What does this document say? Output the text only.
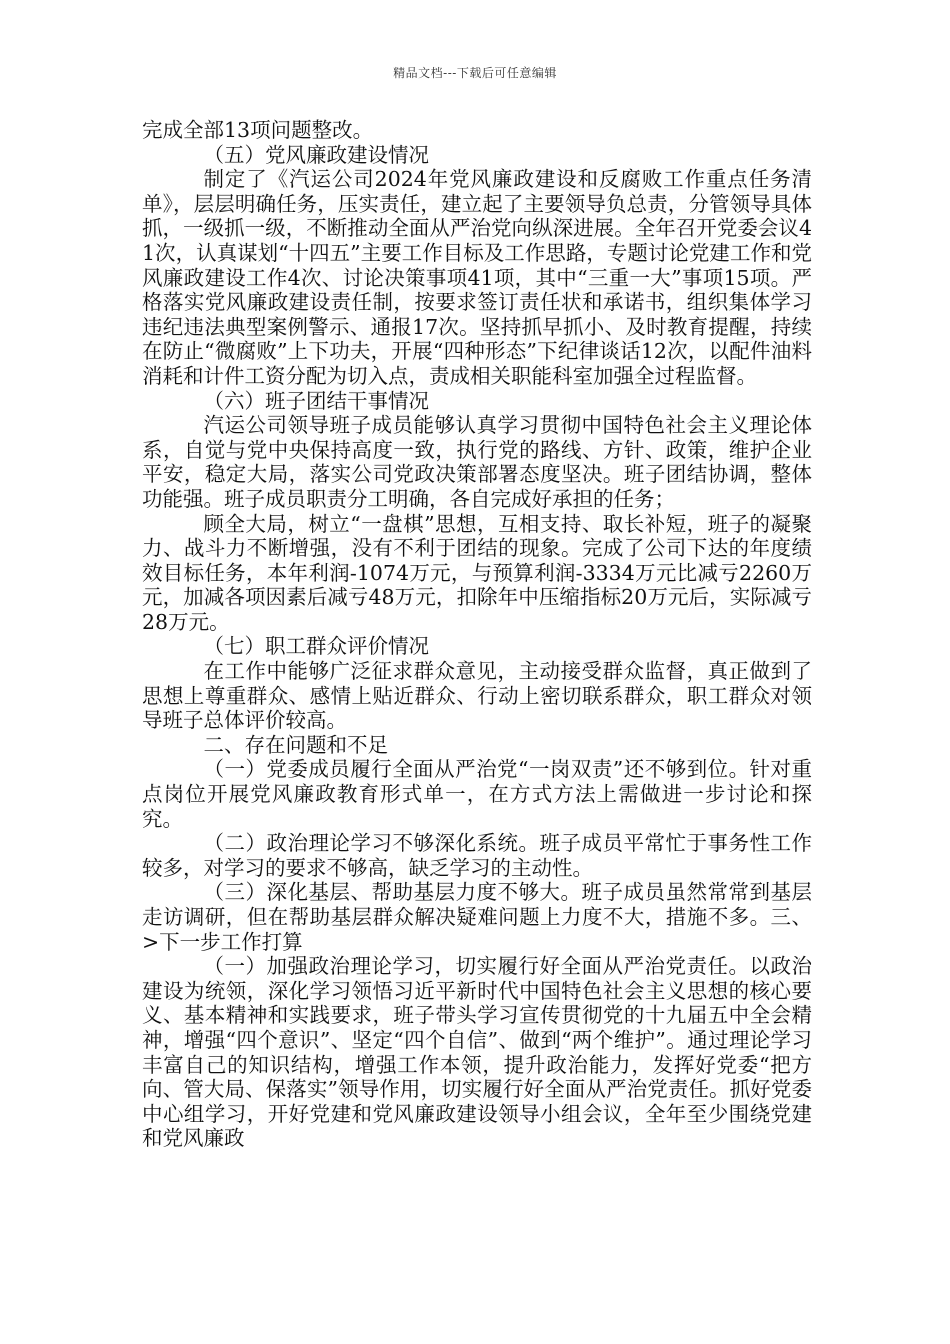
精品文档---下载后可任意编辑

完成全部13项问题整改。

（五）党风廉政建设情况

制定了《汽运公司2024年党风廉政建设和反腐败工作重点任务清单》，层层明确任务，压实责任，建立起了主要领导负总责，分管领导具体抓，一级抓一级，不断推动全面从严治党向纵深进展。全年召开党委会议41次，认真谋划“十四五”主要工作目标及工作思路，专题讨论党建工作和党风廉政建设工作4次、讨论决策事项41项，其中“三重一大”事项15项。严格落实党风廉政建设责任制，按要求签订责任状和承诺书，组织集体学习违纪违法典型案例警示、通报17次。坚持抓早抓小、及时教育提醒，持续在防止“微腐败”上下功夫，开展“四种形态”下纪律谈话12次，以配件油料消耗和计件工资分配为切入点，责成相关职能科室加强全过程监督。

（六）班子团结干事情况

汽运公司领导班子成员能够认真学习贯彻中国特色社会主义理论体系，自觉与党中央保持高度一致，执行党的路线、方针、政策，维护企业平安，稳定大局，落实公司党政决策部署态度坚决。班子团结协调，整体功能强。班子成员职责分工明确，各自完成好承担的任务；

顾全大局，树立“一盘棋”思想，互相支持、取长补短，班子的凝聚力、战斗力不断增强，没有不利于团结的现象。完成了公司下达的年度绩效目标任务，本年利润-1074万元，与预算利润-3334万元比减亏2260万元，加减各项因素后减亏48万元，扣除年中压缩指标20万元后，实际减亏28万元。

（七）职工群众评价情况

在工作中能够广泛征求群众意见，主动接受群众监督，真正做到了思想上尊重群众、感情上贴近群众、行动上密切联系群众，职工群众对领导班子总体评价较高。

二、存在问题和不足

（一）党委成员履行全面从严治党“一岗双责”还不够到位。针对重点岗位开展党风廉政教育形式单一，在方式方法上需做进一步讨论和探究。

（二）政治理论学习不够深化系统。班子成员平常忙于事务性工作较多，对学习的要求不够高，缺乏学习的主动性。

（三）深化基层、帮助基层力度不够大。班子成员虽然常常到基层走访调研，但在帮助基层群众解决疑难问题上力度不大，措施不多。三、>下一步工作打算

（一）加强政治理论学习，切实履行好全面从严治党责任。以政治建设为统领，深化学习领悟习近平新时代中国特色社会主义思想的核心要义、基本精神和实践要求，班子带头学习宣传贯彻党的十九届五中全会精神，增强“四个意识”、坚定“四个自信”、做到“两个维护”。通过理论学习丰富自己的知识结构，增强工作本领，提升政治能力，发挥好党委“把方向、管大局、保落实”领导作用，切实履行好全面从严治党责任。抓好党委中心组学习，开好党建和党风廉政建设领导小组会议，全年至少围绕党建和党风廉政
